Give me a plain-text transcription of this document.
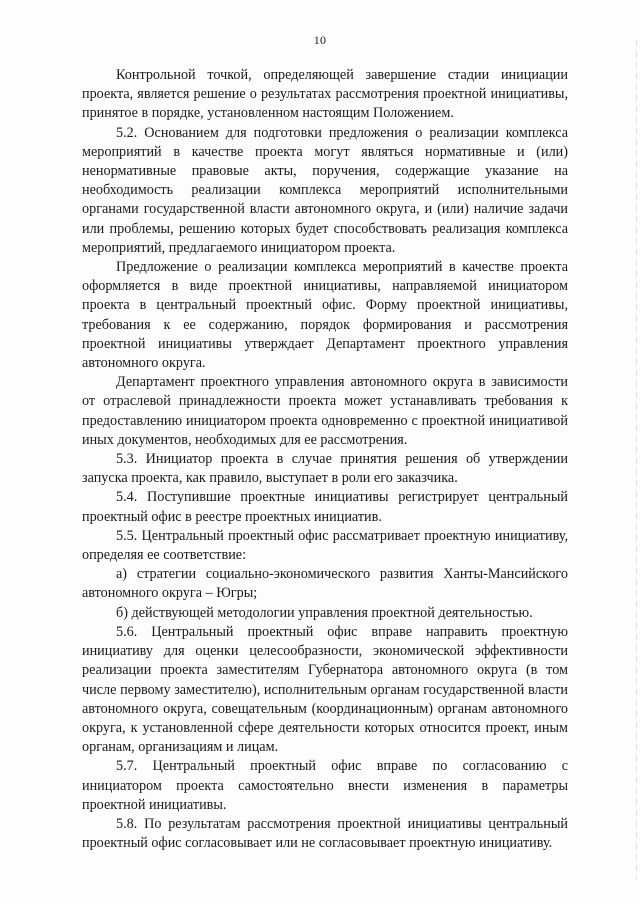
10

Контрольной точкой, определяющей завершение стадии инициации проекта, является решение о результатах рассмотрения проектной инициативы, принятое в порядке, установленном настоящим Положением.

5.2. Основанием для подготовки предложения о реализации комплекса мероприятий в качестве проекта могут являться нормативные и (или) ненормативные правовые акты, поручения, содержащие указание на необходимость реализации комплекса мероприятий исполнительными органами государственной власти автономного округа, и (или) наличие задачи или проблемы, решению которых будет способствовать реализация комплекса мероприятий, предлагаемого инициатором проекта.

Предложение о реализации комплекса мероприятий в качестве проекта оформляется в виде проектной инициативы, направляемой инициатором проекта в центральный проектный офис. Форму проектной инициативы, требования к ее содержанию, порядок формирования и рассмотрения проектной инициативы утверждает Департамент проектного управления автономного округа.

Департамент проектного управления автономного округа в зависимости от отраслевой принадлежности проекта может устанавливать требования к предоставлению инициатором проекта одновременно с проектной инициативой иных документов, необходимых для ее рассмотрения.

5.3. Инициатор проекта в случае принятия решения об утверждении запуска проекта, как правило, выступает в роли его заказчика.

5.4. Поступившие проектные инициативы регистрирует центральный проектный офис в реестре проектных инициатив.

5.5. Центральный проектный офис рассматривает проектную инициативу, определяя ее соответствие:

а) стратегии социально-экономического развития Ханты-Мансийского автономного округа – Югры;

б) действующей методологии управления проектной деятельностью.

5.6. Центральный проектный офис вправе направить проектную инициативу для оценки целесообразности, экономической эффективности реализации проекта заместителям Губернатора автономного округа (в том числе первому заместителю), исполнительным органам государственной власти автономного округа, совещательным (координационным) органам автономного округа, к установленной сфере деятельности которых относится проект, иным органам, организациям и лицам.

5.7. Центральный проектный офис вправе по согласованию с инициатором проекта самостоятельно внести изменения в параметры проектной инициативы.

5.8. По результатам рассмотрения проектной инициативы центральный проектный офис согласовывает или не согласовывает проектную инициативу.
